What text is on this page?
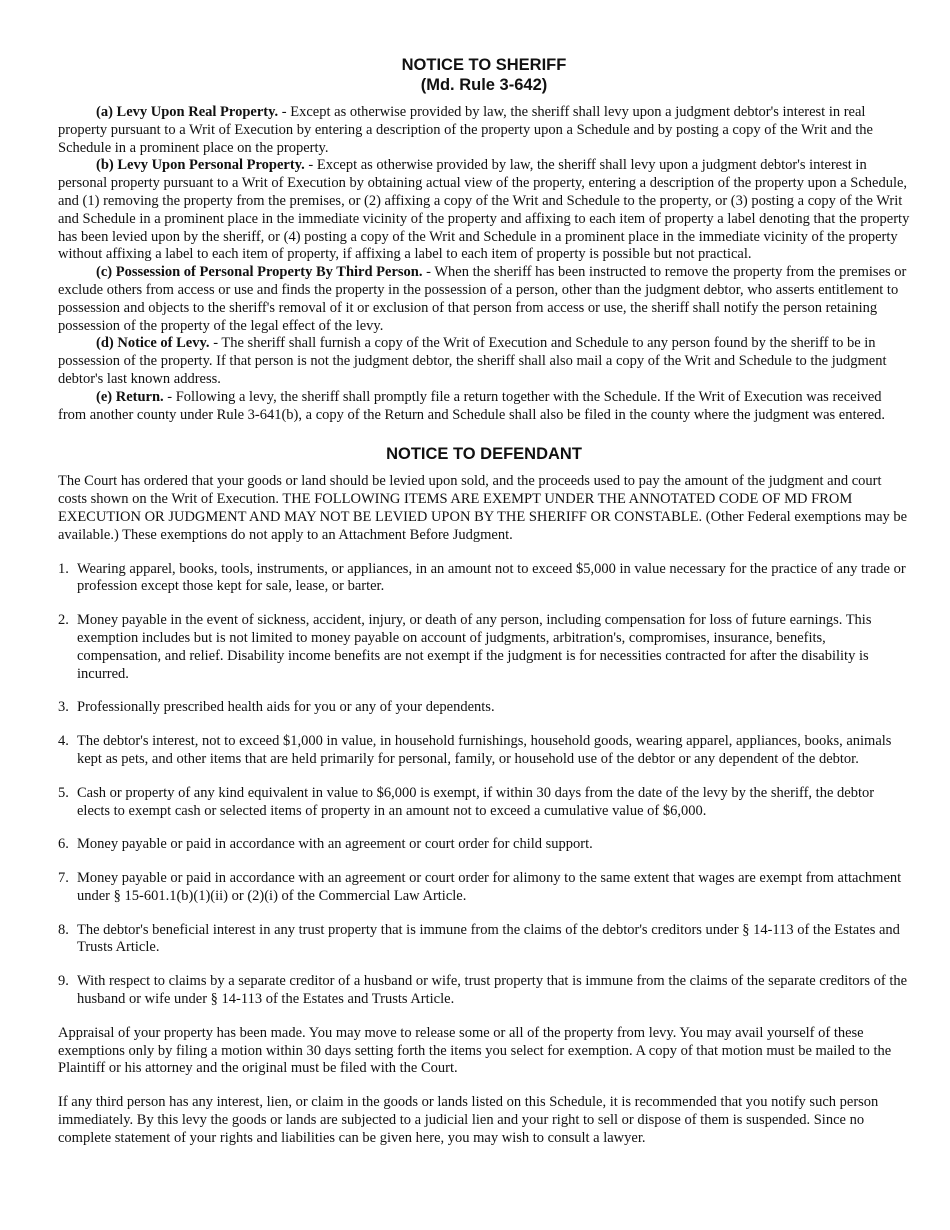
NOTICE TO SHERIFF
(Md. Rule 3-642)

(a) Levy Upon Real Property. - Except as otherwise provided by law, the sheriff shall levy upon a judgment debtor's interest in real property pursuant to a Writ of Execution by entering a description of the property upon a Schedule and by posting a copy of the Writ and the Schedule in a prominent place on the property.

(b) Levy Upon Personal Property. - Except as otherwise provided by law, the sheriff shall levy upon a judgment debtor's interest in personal property pursuant to a Writ of Execution by obtaining actual view of the property, entering a description of the property upon a Schedule, and (1) removing the property from the premises, or (2) affixing a copy of the Writ and Schedule to the property, or (3) posting a copy of the Writ and Schedule in a prominent place in the immediate vicinity of the property and affixing to each item of property a label denoting that the property has been levied upon by the sheriff, or (4) posting a copy of the Writ and Schedule in a prominent place in the immediate vicinity of the property without affixing a label to each item of property, if affixing a label to each item of property is possible but not practical.

(c) Possession of Personal Property By Third Person. - When the sheriff has been instructed to remove the property from the premises or exclude others from access or use and finds the property in the possession of a person, other than the judgment debtor, who asserts entitlement to possession and objects to the sheriff's removal of it or exclusion of that person from access or use, the sheriff shall notify the person retaining possession of the property of the legal effect of the levy.

(d) Notice of Levy. - The sheriff shall furnish a copy of the Writ of Execution and Schedule to any person found by the sheriff to be in possession of the property. If that person is not the judgment debtor, the sheriff shall also mail a copy of the Writ and Schedule to the judgment debtor's last known address.

(e) Return. - Following a levy, the sheriff shall promptly file a return together with the Schedule. If the Writ of Execution was received from another county under Rule 3-641(b), a copy of the Return and Schedule shall also be filed in the county where the judgment was entered.

NOTICE TO DEFENDANT

The Court has ordered that your goods or land should be levied upon sold, and the proceeds used to pay the amount of the judgment and court costs shown on the Writ of Execution. THE FOLLOWING ITEMS ARE EXEMPT UNDER THE ANNOTATED CODE OF MD FROM EXECUTION OR JUDGMENT AND MAY NOT BE LEVIED UPON BY THE SHERIFF OR CONSTABLE. (Other Federal exemptions may be available.) These exemptions do not apply to an Attachment Before Judgment.

1. Wearing apparel, books, tools, instruments, or appliances, in an amount not to exceed $5,000 in value necessary for the practice of any trade or profession except those kept for sale, lease, or barter.
2. Money payable in the event of sickness, accident, injury, or death of any person, including compensation for loss of future earnings. This exemption includes but is not limited to money payable on account of judgments, arbitration's, compromises, insurance, benefits, compensation, and relief. Disability income benefits are not exempt if the judgment is for necessities contracted for after the disability is incurred.
3. Professionally prescribed health aids for you or any of your dependents.
4. The debtor's interest, not to exceed $1,000 in value, in household furnishings, household goods, wearing apparel, appliances, books, animals kept as pets, and other items that are held primarily for personal, family, or household use of the debtor or any dependent of the debtor.
5. Cash or property of any kind equivalent in value to $6,000 is exempt, if within 30 days from the date of the levy by the sheriff, the debtor elects to exempt cash or selected items of property in an amount not to exceed a cumulative value of $6,000.
6. Money payable or paid in accordance with an agreement or court order for child support.
7. Money payable or paid in accordance with an agreement or court order for alimony to the same extent that wages are exempt from attachment under § 15-601.1(b)(1)(ii) or (2)(i) of the Commercial Law Article.
8. The debtor's beneficial interest in any trust property that is immune from the claims of the debtor's creditors under § 14-113 of the Estates and Trusts Article.
9. With respect to claims by a separate creditor of a husband or wife, trust property that is immune from the claims of the separate creditors of the husband or wife under § 14-113 of the Estates and Trusts Article.

Appraisal of your property has been made. You may move to release some or all of the property from levy. You may avail yourself of these exemptions only by filing a motion within 30 days setting forth the items you select for exemption. A copy of that motion must be mailed to the Plaintiff or his attorney and the original must be filed with the Court.

If any third person has any interest, lien, or claim in the goods or lands listed on this Schedule, it is recommended that you notify such person immediately. By this levy the goods or lands are subjected to a judicial lien and your right to sell or dispose of them is suspended. Since no complete statement of your rights and liabilities can be given here, you may wish to consult a lawyer.
